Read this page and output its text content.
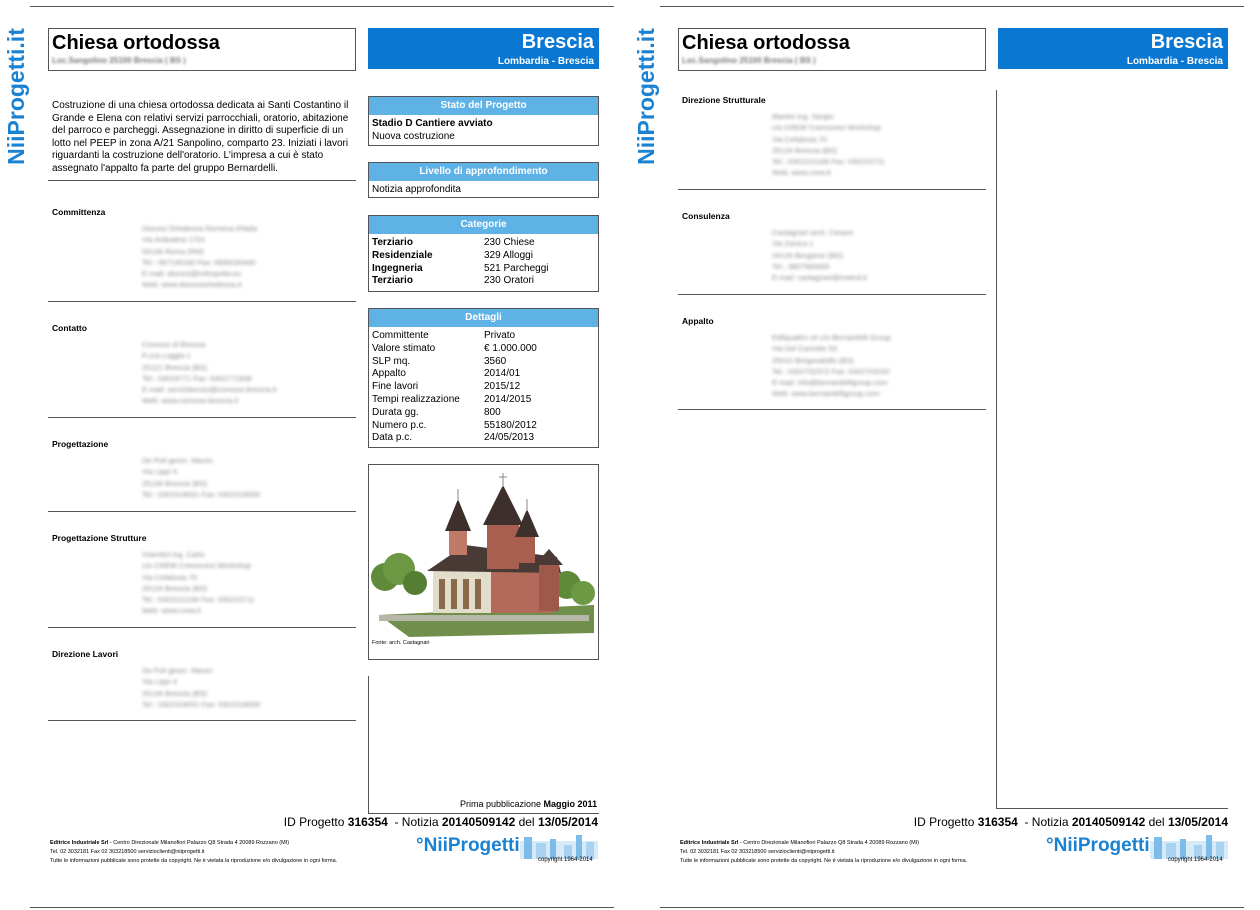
NiiProgetti.it Chiesa ortodossa
Loc.Sangolino 25100 Brescia ( BS )
Brescia
Lombardia - Brescia
Costruzione di una chiesa ortodossa dedicata ai Santi Costantino il Grande e Elena con relativi servizi parrocchiali, oratorio, abitazione del parroco e parcheggi. Assegnazione in diritto di superficie di un lotto nel PEEP in zona A/21 Sanpolino, comparto 23. Iniziati i lavori riguardanti la costruzione dell'oratorio. L'impresa a cui è stato assegnato l'appalto fa parte del gruppo Bernardelli.
Committenza
Diocesi Ortodossa Romena d'Italia
Via Ardeatina 1701
00134 Roma (RM)
Tel.: 067130160 Fax: 0669330440
E-mail: diocesi@mitropolia.eu
Web: www.diocesiortodossa.it
Contatto
Comune di Brescia
P.zza Loggia 1
25121 Brescia (BS)
Tel.: 03029771 Fax: 0302771848
E-mail: servizitecnici@comune.brescia.it
Web: www.comune.brescia.it
Progettazione
De Poli geom. Mauro
Via Lippi 4
25134 Brescia (BS)
Tel.: 0302318051 Fax: 0302318009
Progettazione Strutture
Visentini ing. Carlo
c/o CREW Cremonesi Workshop
Via Cefalonia 70
25124 Brescia (BS)
Tel.: 0302221166 Fax: 030220711
Web: www.crew.it
Direzione Lavori
De Poli geom. Mauro
Via Lippi 4
25134 Brescia (BS)
Tel.: 0302318051 Fax: 0302318009
Stato del Progetto
Stadio D Cantiere avviato
Nuova costruzione
Livello di approfondimento
Notizia approfondita
Categorie
Terziario	230 Chiese
Residenziale	329 Alloggi
Ingegneria	521 Parcheggi
Terziario	230 Oratori
Dettagli
Committente	Privato
Valore stimato	€ 1.000.000
SLP mq.	3560
Appalto	2014/01
Fine lavori	2015/12
Tempi realizzazione	2014/2015
Durata gg.	800
Numero p.c.	55180/2012
Data p.c.	24/05/2013
Fonte: arch. Castagnari
Prima pubblicazione Maggio 2011
ID Progetto 316354  - Notizia 20140509142 del 13/05/2014
Editrice Industriale Srl - Centro Direzionale Milanofiori Palazzo Q8 Strada 4 20089 Rozzano (MI)
Tel. 02 3032181 Fax 02 303218500 servizioclienti@niiprogetti.it
Tutte le informazioni pubblicate sono protette da copyright. Ne è vietata la riproduzione e/o divulgazione in ogni forma.
°NiiProgetti
copyright 1964-2014
NiiProgetti.it Chiesa ortodossa
Loc.Sangolino 25100 Brescia ( BS )
Brescia
Lombardia - Brescia
Direzione Strutturale
Martire ing. Sergio
c/o CREW Cremonesi Workshop
Via Cefalonia 70
25124 Brescia (BS)
Tel.: 0302221166 Fax: 030220711
Web: www.crew.it
Consulenza
Castagnari arch. Cesare
Via Zanica 1
24126 Bergamo (BG)
Tel.: 3807583465
E-mail: castagnari@inwind.it
Appalto
Edilquattro srl c/o Bernardelli Group
Via Del Carmelo 53
25010 Borgosatollo (BS)
Tel.: 0302702372 Fax: 0302703192
E-mail: info@bernardelligroup.com
Web: www.bernardelligroup.com
ID Progetto 316354  - Notizia 20140509142 del 13/05/2014
Editrice Industriale Srl - Centro Direzionale Milanofiori Palazzo Q8 Strada 4 20089 Rozzano (MI)
Tel. 02 3032181 Fax 02 303218500 servizioclienti@niiprogetti.it
Tutte le informazioni pubblicate sono protette da copyright. Ne è vietata la riproduzione e/o divulgazione in ogni forma.
°NiiProgetti
copyright 1964-2014
